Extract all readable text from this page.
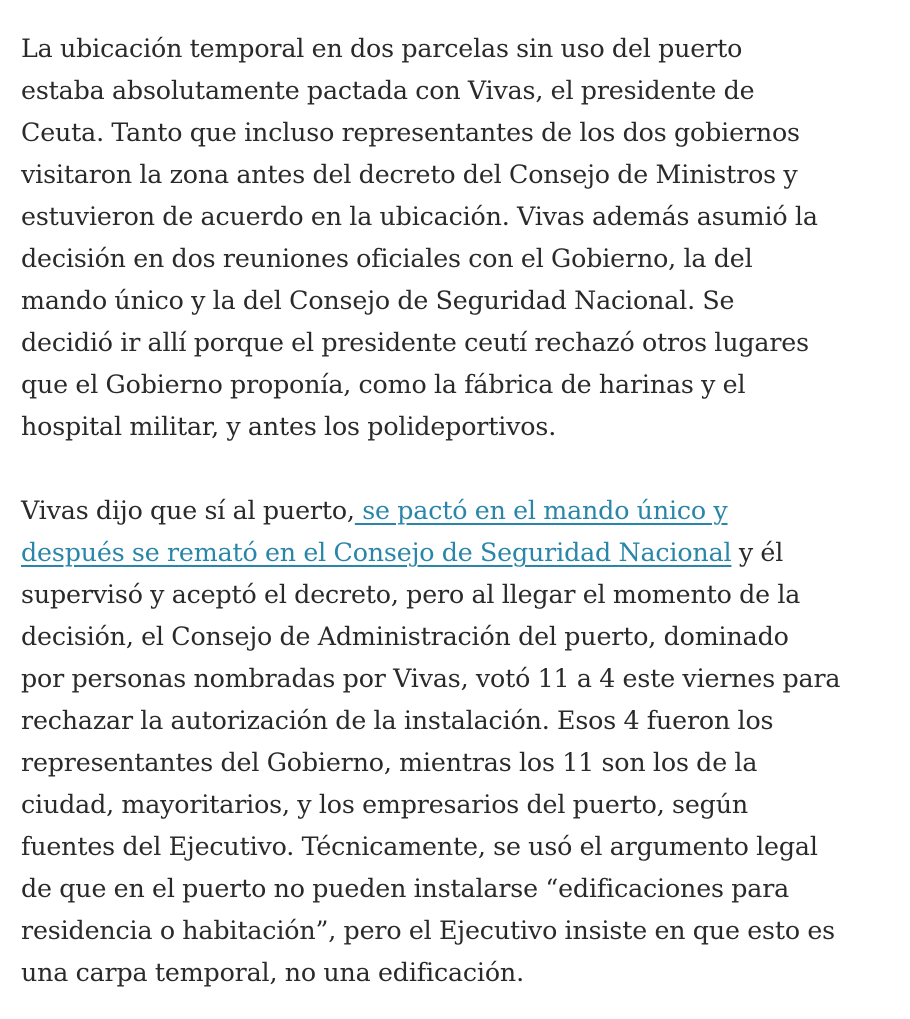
La ubicación temporal en dos parcelas sin uso del puerto
estaba absolutamente pactada con Vivas, el presidente de
Ceuta. Tanto que incluso representantes de los dos gobiernos
visitaron la zona antes del decreto del Consejo de Ministros y
estuvieron de acuerdo en la ubicación. Vivas además asumió la
decisión en dos reuniones oficiales con el Gobierno, la del
mando único y la del Consejo de Seguridad Nacional. Se
decidió ir allí porque el presidente ceutí rechazó otros lugares
que el Gobierno proponía, como la fábrica de harinas y el
hospital militar, y antes los polideportivos.

Vivas dijo que sí al puerto, se pactó en el mando único y
después se remató en el Consejo de Seguridad Nacional y él
supervisó y aceptó el decreto, pero al llegar el momento de la
decisión, el Consejo de Administración del puerto, dominado
por personas nombradas por Vivas, votó 11 a 4 este viernes para
rechazar la autorización de la instalación. Esos 4 fueron los
representantes del Gobierno, mientras los 11 son los de la
ciudad, mayoritarios, y los empresarios del puerto, según
fuentes del Ejecutivo. Técnicamente, se usó el argumento legal
de que en el puerto no pueden instalarse “edificaciones para
residencia o habitación”, pero el Ejecutivo insiste en que esto es
una carpa temporal, no una edificación.
